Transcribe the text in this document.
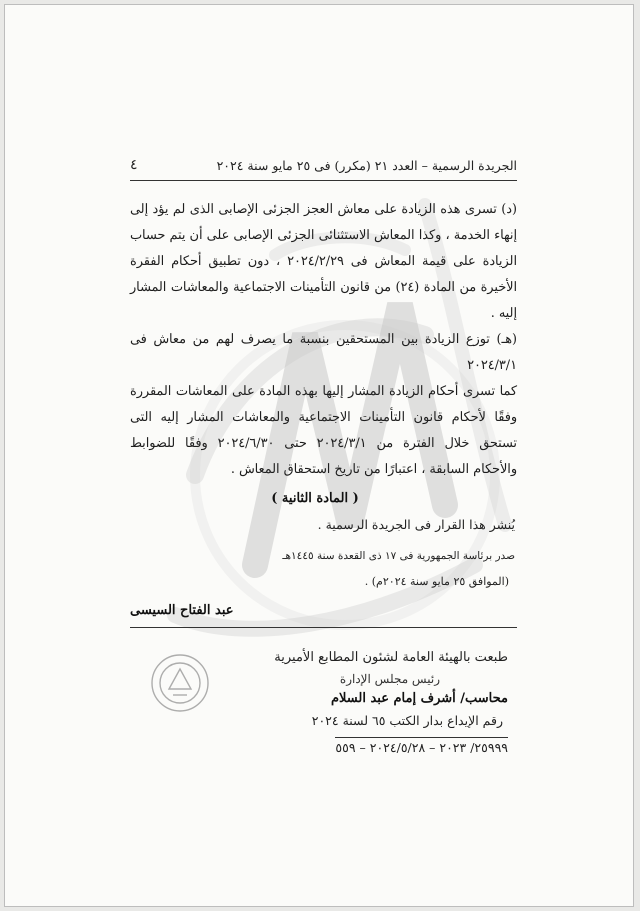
٤	الجريدة الرسمية – العدد ٢١ (مكرر) فى ٢٥ مايو سنة ٢٠٢٤

(د) تسرى هذه الزيادة على معاش العجز الجزئى الإصابى الذى لم يؤد إلى إنهاء الخدمة ، وكذا المعاش الاستثنائى الجزئى الإصابى على أن يتم حساب الزيادة على قيمة المعاش فى ٢٠٢٤/٢/٢٩ ، دون تطبيق أحكام الفقرة الأخيرة من المادة (٢٤) من قانون التأمينات الاجتماعية والمعاشات المشار إليه .

(هـ) توزع الزيادة بين المستحقين بنسبة ما يصرف لهم من معاش فى ٢٠٢٤/٣/١

كما تسرى أحكام الزيادة المشار إليها بهذه المادة على المعاشات المقررة وفقًا لأحكام قانون التأمينات الاجتماعية والمعاشات المشار إليه التى تستحق خلال الفترة من ٢٠٢٤/٣/١ حتى ٢٠٢٤/٦/٣٠ وفقًا للضوابط والأحكام السابقة ، اعتبارًا من تاريخ استحقاق المعاش .

( المادة الثانية )
يُنشر هذا القرار فى الجريدة الرسمية .
صدر برئاسة الجمهورية فى ١٧ ذى القعدة سنة ١٤٤٥هـ
(الموافق ٢٥ مايو سنة ٢٠٢٤م) .
عبد الفتاح السيسى
طبعت بالهيئة العامة لشئون المطابع الأميرية
رئيس مجلس الإدارة
محاسب/ أشرف إمام عبد السلام
رقم الإيداع بدار الكتب ٦٥ لسنة ٢٠٢٤
٢٥٩٩٩/ ٢٠٢٣ – ٢٠٢٤/٥/٢٨ – ٥٥٩
